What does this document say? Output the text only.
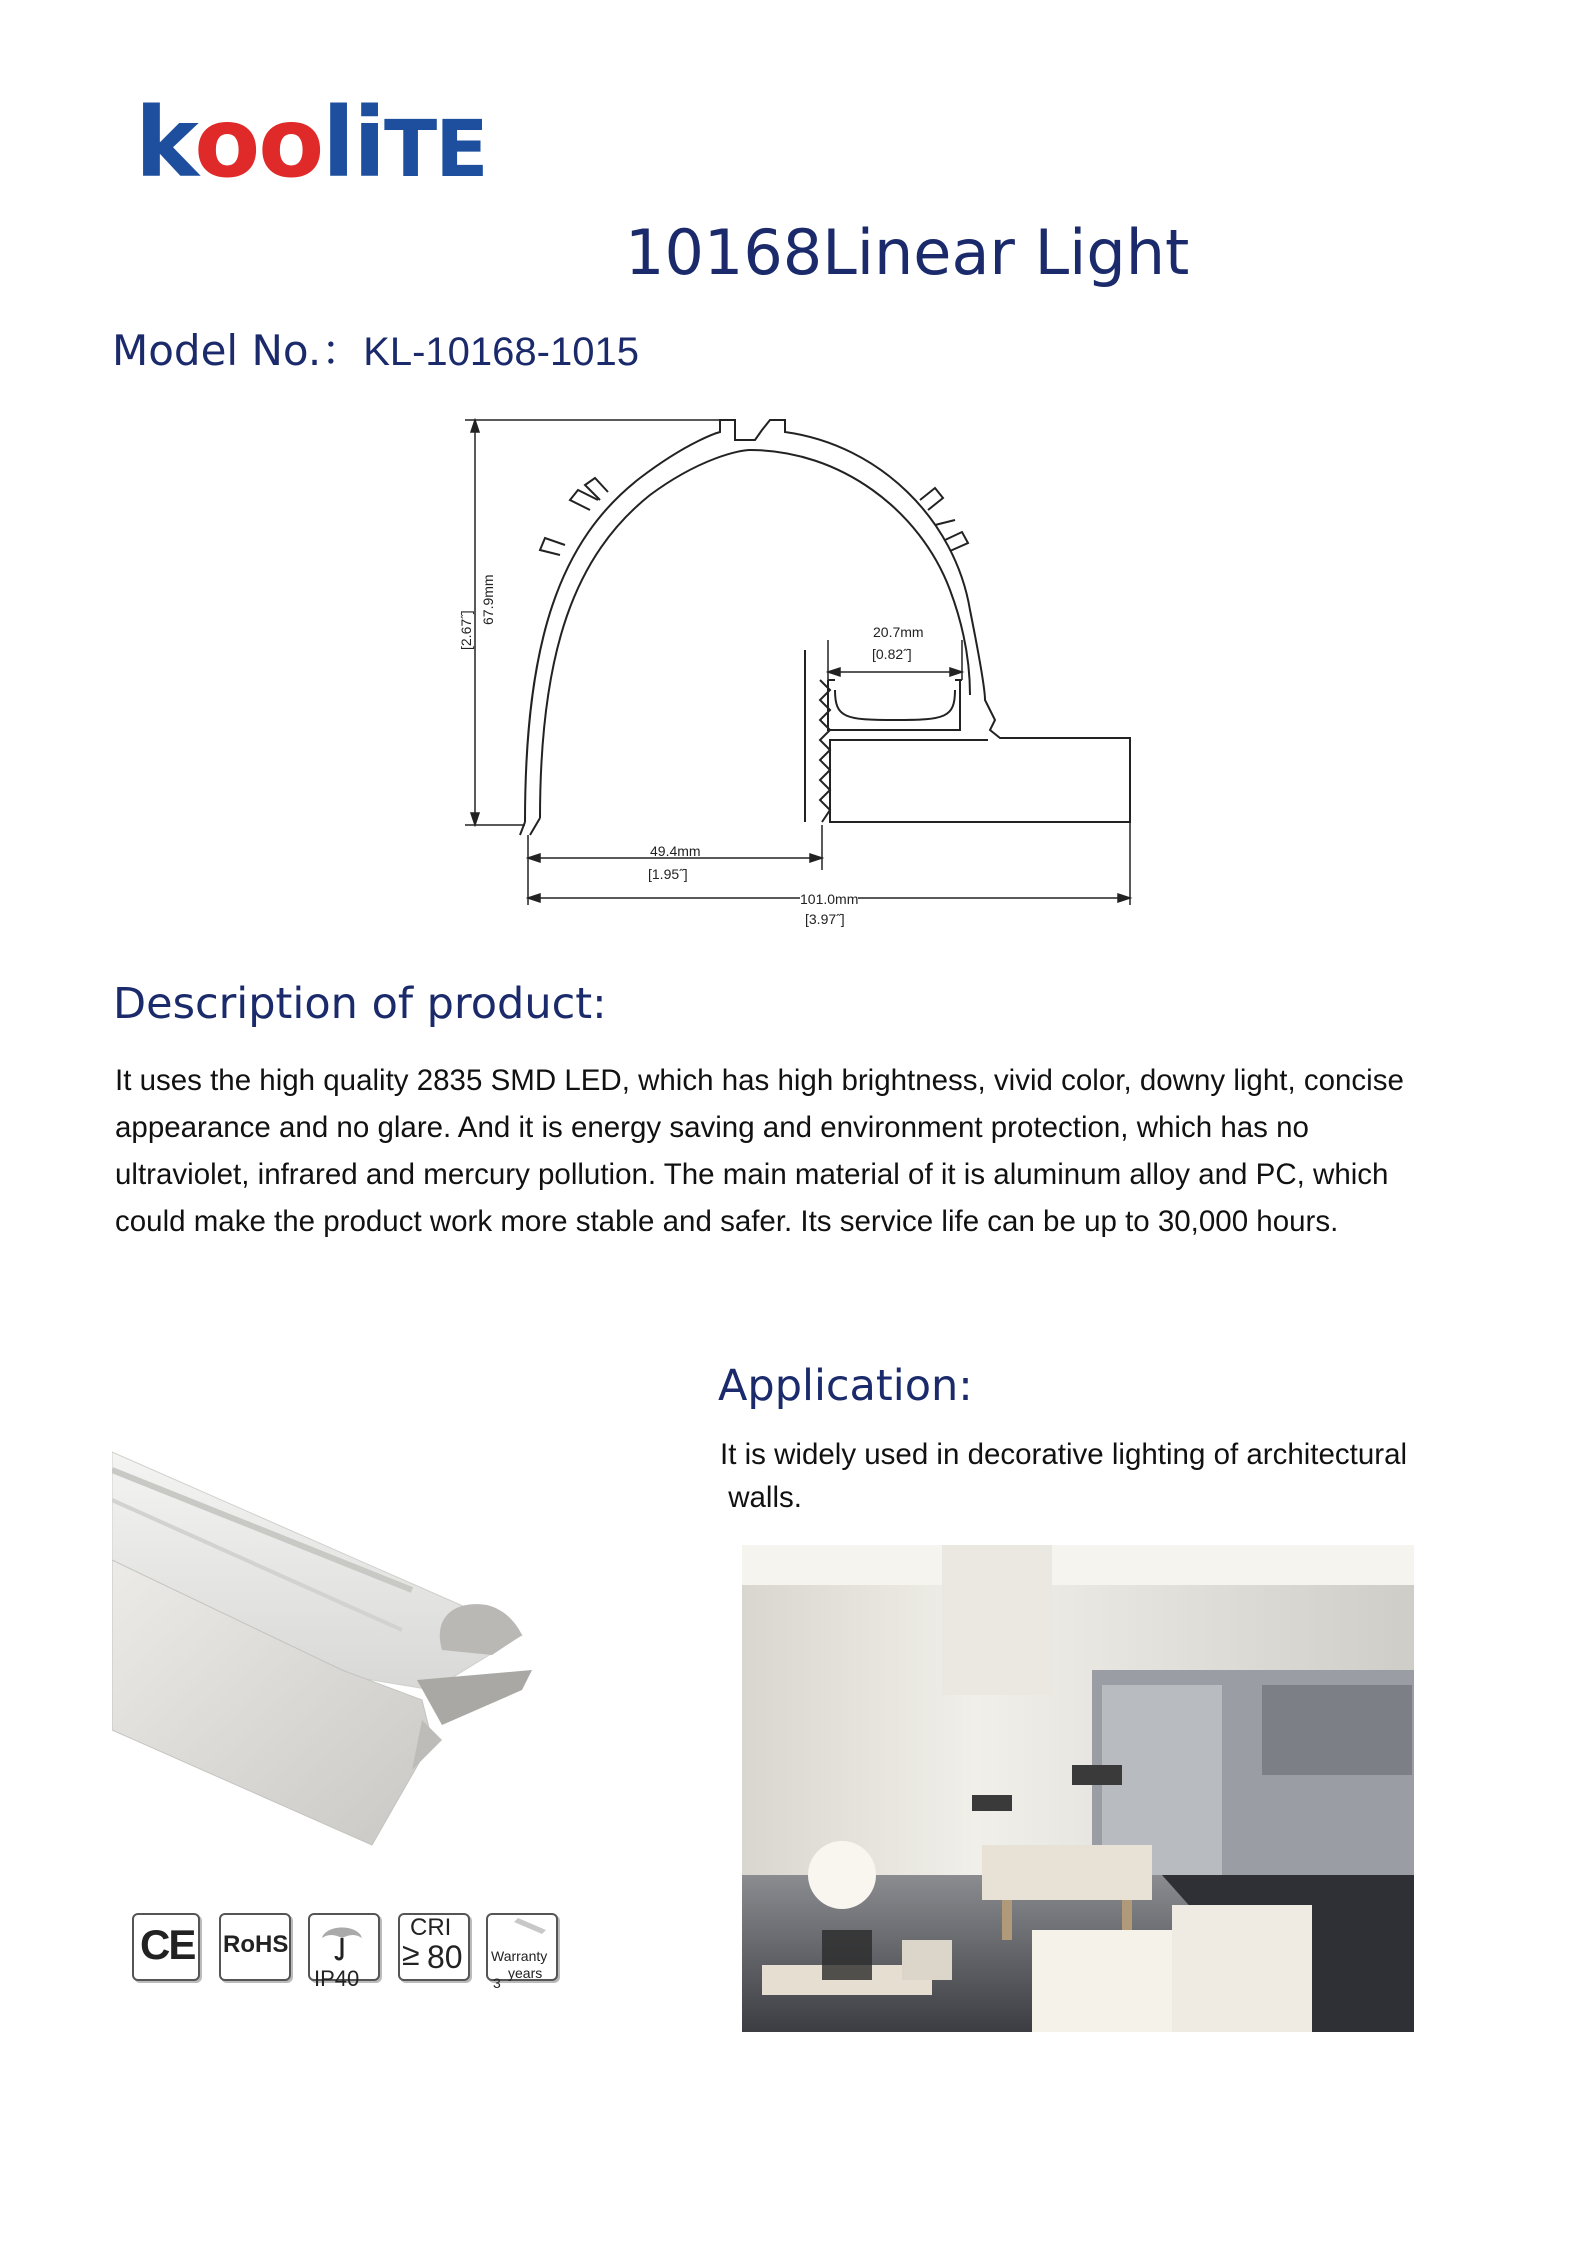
kooliTE
10168Linear Light
Model No.：KL-10168-1015
67.9mm
[2.67˝]	20.7mm
[0.82˝]
49.4mm
[1.95˝]
101.0mm
[3.97˝]
Description of product:
It uses the high quality 2835 SMD LED, which has high brightness, vivid color, downy light, concise
appearance and no glare. And it is energy saving and environment protection, which has no
ultraviolet, infrared and mercury pollution. The main material of it is aluminum alloy and PC, which
could make the product work more stable and safer. Its service life can be up to 30,000 hours.
Application:
It is widely used in decorative lighting of architectural
walls.
CE RoHS
IP40
CRI
≥ 80 Warranty
years
3
